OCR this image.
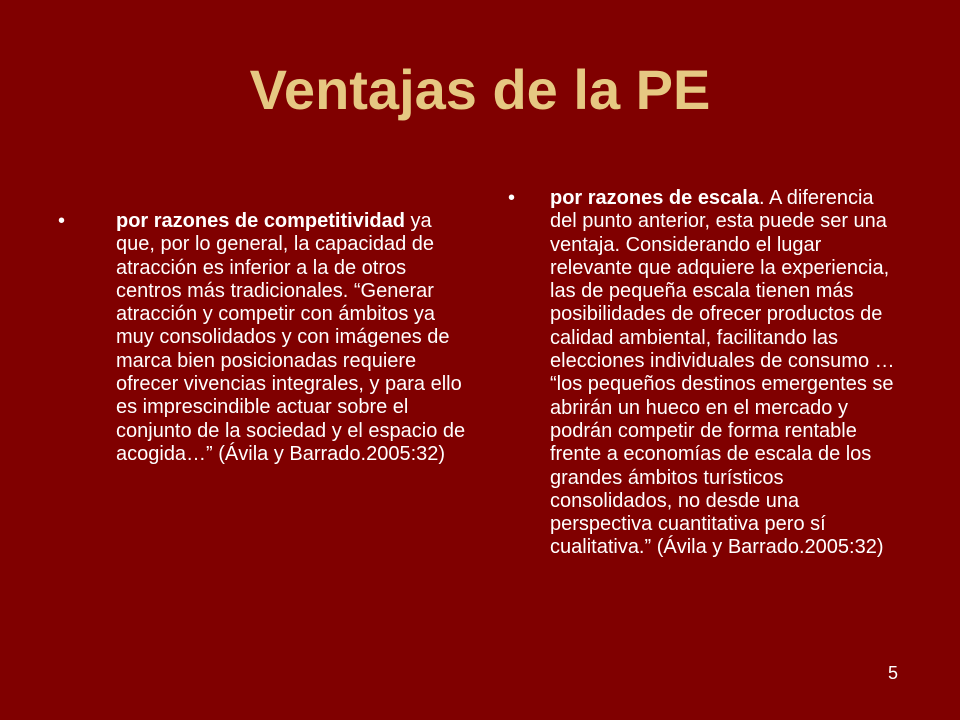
Ventajas de la PE
•	por razones de competitividad ya que, por lo general, la capacidad de atracción es inferior a la de otros centros más tradicionales. “Generar atracción y competir con ámbitos ya muy consolidados y con imágenes de marca bien posicionadas requiere ofrecer vivencias integrales, y para ello es imprescindible actuar sobre el conjunto de la sociedad y el espacio de acogida…” (Ávila y Barrado.2005:32)
• por razones de escala. A diferencia del punto anterior, esta puede ser una ventaja. Considerando el lugar relevante que adquiere la experiencia, las de pequeña escala tienen más posibilidades de ofrecer productos de calidad ambiental, facilitando las elecciones individuales de consumo … “los pequeños destinos emergentes se abrirán un hueco en el mercado y podrán competir de forma rentable frente a economías de escala de los grandes ámbitos turísticos consolidados, no desde una perspectiva cuantitativa pero sí cualitativa.” (Ávila y Barrado.2005:32)
5
